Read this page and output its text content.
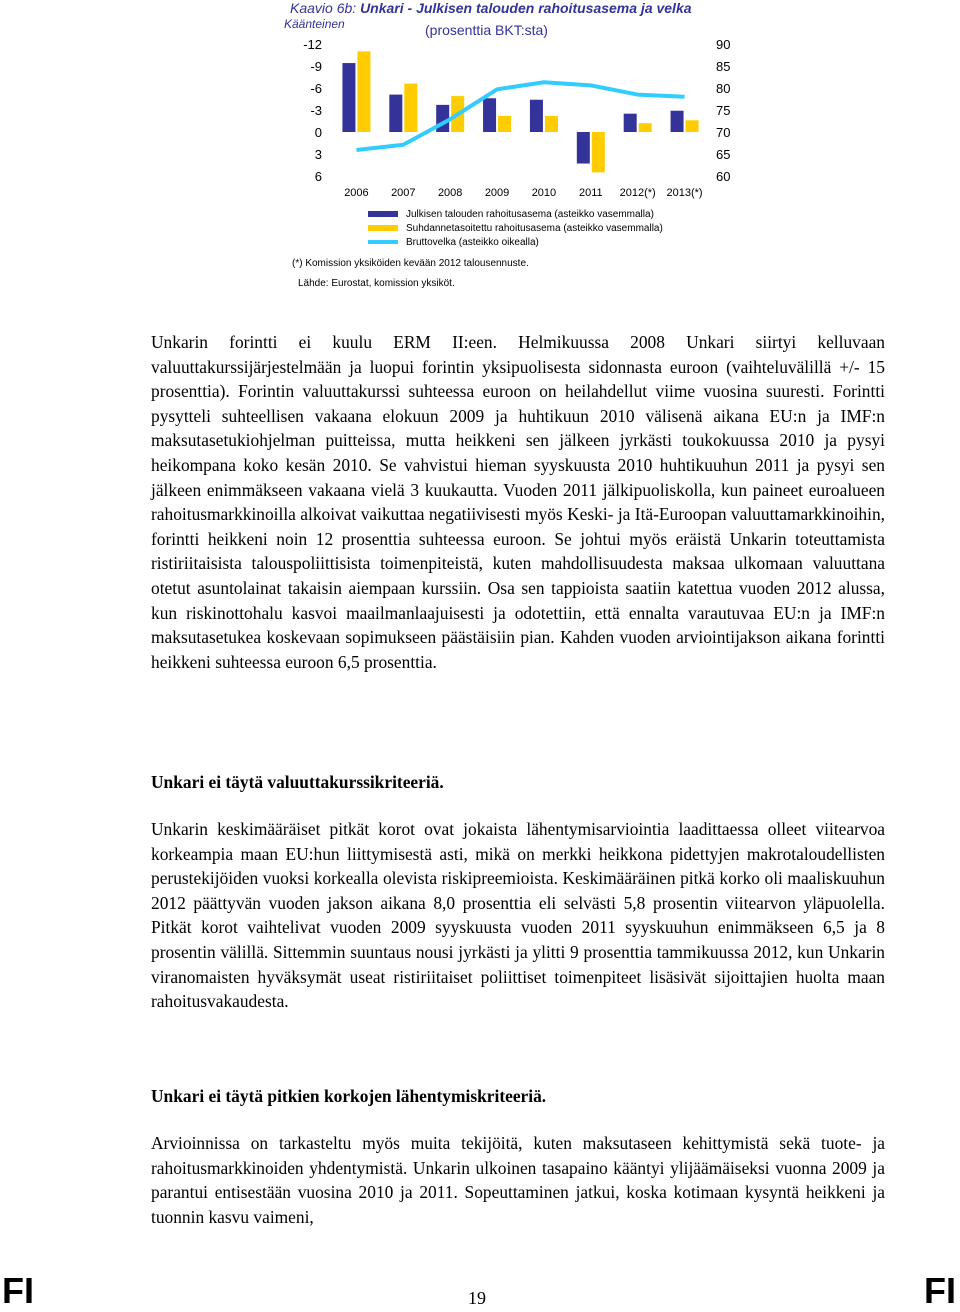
Kaavio 6b: Unkari - Julkisen talouden rahoitusasema ja velka
(prosenttia BKT:sta)
Käänteinen
-12
-9
-6
-3
0
3
6
90
85
80
75
70
65
60
2006 2007 2008 2009 2010 2011 2012(*) 2013(*)
Julkisen talouden rahoitusasema (asteikko vasemmalla)
Suhdannetasoitettu rahoitusasema (asteikko vasemmalla)
Bruttovelka (asteikko oikealla)
(*) Komission yksiköiden kevään 2012 talousennuste.
Lähde: Eurostat, komission yksiköt.

Unkarin forintti ei kuulu ERM II:een. Helmikuussa 2008 Unkari siirtyi kelluvaan valuuttakurssijärjestelmään ja luopui forintin yksipuolisesta sidonnasta euroon (vaihteluvälillä +/- 15 prosenttia). Forintin valuuttakurssi suhteessa euroon on heilahdellut viime vuosina suuresti. Forintti pysytteli suhteellisen vakaana elokuun 2009 ja huhtikuun 2010 välisenä aikana EU:n ja IMF:n maksutasetukiohjelman puitteissa, mutta heikkeni sen jälkeen jyrkästi toukokuussa 2010 ja pysyi heikompana koko kesän 2010. Se vahvistui hieman syyskuusta 2010 huhtikuuhun 2011 ja pysyi sen jälkeen enimmäkseen vakaana vielä 3 kuukautta. Vuoden 2011 jälkipuoliskolla, kun paineet euroalueen rahoitusmarkkinoilla alkoivat vaikuttaa negatiivisesti myös Keski- ja Itä-Euroopan valuuttamarkkinoihin, forintti heikkeni noin 12 prosenttia suhteessa euroon. Se johtui myös eräistä Unkarin toteuttamista ristiriitaisista talouspoliittisista toimenpiteistä, kuten mahdollisuudesta maksaa ulkomaan valuuttana otetut asuntolainat takaisin aiempaan kurssiin. Osa sen tappioista saatiin katettua vuoden 2012 alussa, kun riskinottohalu kasvoi maailmanlaajuisesti ja odotettiin, että ennalta varautuvaa EU:n ja IMF:n maksutasetukea koskevaan sopimukseen päästäisiin pian. Kahden vuoden arviointijakson aikana forintti heikkeni suhteessa euroon 6,5 prosenttia.

Unkari ei täytä valuuttakurssikriteeriä.

Unkarin keskimääräiset pitkät korot ovat jokaista lähentymisarviointia laadittaessa olleet viitearvoa korkeampia maan EU:hun liittymisestä asti, mikä on merkki heikkona pidettyjen makrotaloudellisten perustekijöiden vuoksi korkealla olevista riskipreemioista. Keskimääräinen pitkä korko oli maaliskuuhun 2012 päättyvän vuoden jakson aikana 8,0 prosenttia eli selvästi 5,8 prosentin viitearvon yläpuolella. Pitkät korot vaihtelivat vuoden 2009 syyskuusta vuoden 2011 syyskuuhun enimmäkseen 6,5 ja 8 prosentin välillä. Sittemmin suuntaus nousi jyrkästi ja ylitti 9 prosenttia tammikuussa 2012, kun Unkarin viranomaisten hyväksymät useat ristiriitaiset poliittiset toimenpiteet lisäsivät sijoittajien huolta maan rahoitusvakaudesta.

Unkari ei täytä pitkien korkojen lähentymiskriteeriä.

Arvioinnissa on tarkasteltu myös muita tekijöitä, kuten maksutaseen kehittymistä sekä tuote- ja rahoitusmarkkinoiden yhdentymistä. Unkarin ulkoinen tasapaino kääntyi ylijäämäiseksi vuonna 2009 ja parantui entisestään vuosina 2010 ja 2011. Sopeuttaminen jatkui, koska kotimaan kysyntä heikkeni ja tuonnin kasvu vaimeni,

FI	19	FI
